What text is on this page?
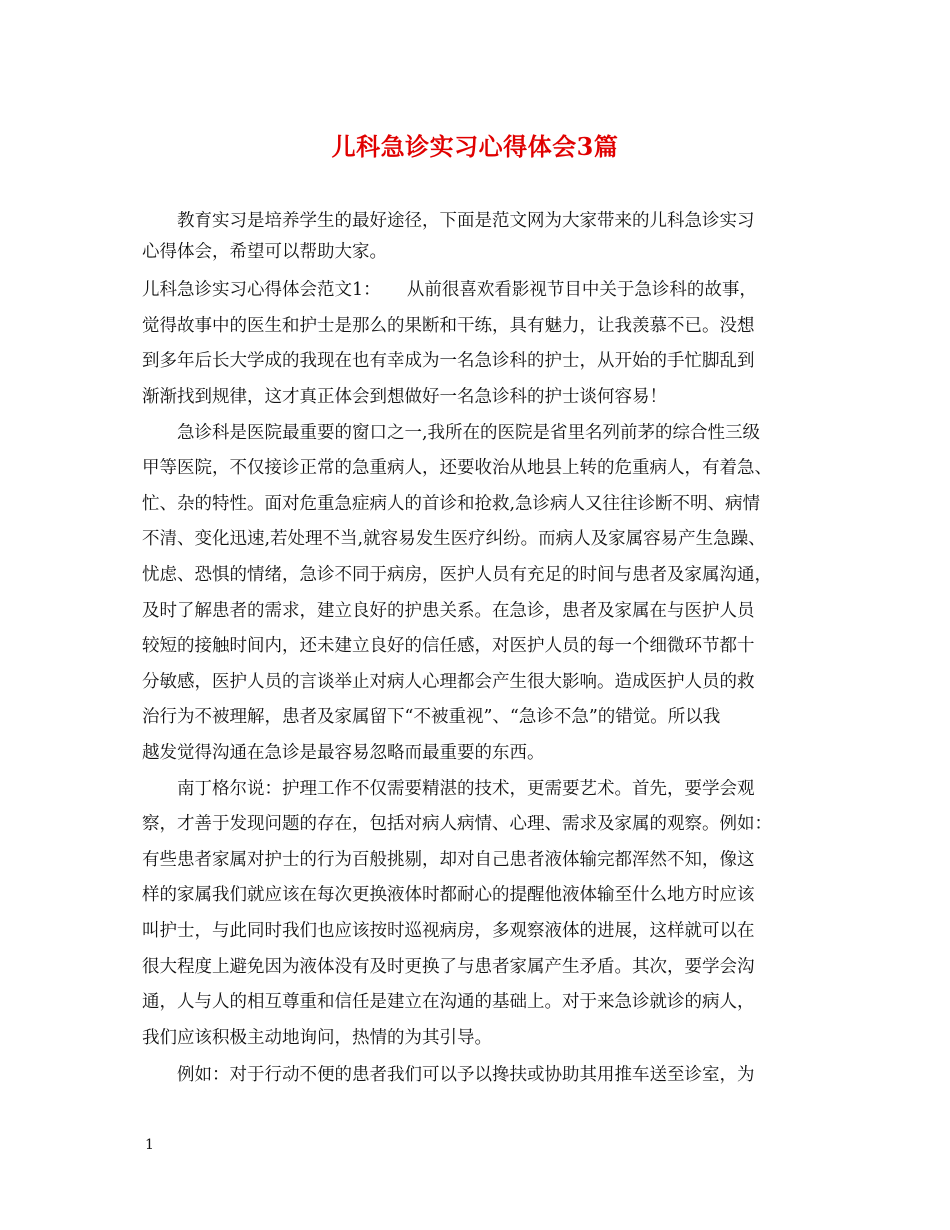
儿科急诊实习心得体会3篇
教育实习是培养学生的最好途径，下面是范文网为大家带来的儿科急诊实习
心得体会，希望可以帮助大家。
儿科急诊实习心得体会范文1：　　从前很喜欢看影视节目中关于急诊科的故事，
觉得故事中的医生和护士是那么的果断和干练，具有魅力，让我羡慕不已。没想
到多年后长大学成的我现在也有幸成为一名急诊科的护士，从开始的手忙脚乱到
渐渐找到规律，这才真正体会到想做好一名急诊科的护士谈何容易！
急诊科是医院最重要的窗口之一,我所在的医院是省里名列前茅的综合性三级
甲等医院，不仅接诊正常的急重病人，还要收治从地县上转的危重病人，有着急、
忙、杂的特性。面对危重急症病人的首诊和抢救,急诊病人又往往诊断不明、病情
不清、变化迅速,若处理不当,就容易发生医疗纠纷。而病人及家属容易产生急躁、
忧虑、恐惧的情绪，急诊不同于病房，医护人员有充足的时间与患者及家属沟通，
及时了解患者的需求，建立良好的护患关系。在急诊，患者及家属在与医护人员
较短的接触时间内，还未建立良好的信任感，对医护人员的每一个细微环节都十
分敏感，医护人员的言谈举止对病人心理都会产生很大影响。造成医护人员的救
治行为不被理解，患者及家属留下“不被重视”、“急诊不急”的错觉。所以我
越发觉得沟通在急诊是最容易忽略而最重要的东西。
南丁格尔说：护理工作不仅需要精湛的技术，更需要艺术。首先，要学会观
察，才善于发现问题的存在，包括对病人病情、心理、需求及家属的观察。例如：
有些患者家属对护士的行为百般挑剔，却对自己患者液体输完都浑然不知，像这
样的家属我们就应该在每次更换液体时都耐心的提醒他液体输至什么地方时应该
叫护士，与此同时我们也应该按时巡视病房，多观察液体的进展，这样就可以在
很大程度上避免因为液体没有及时更换了与患者家属产生矛盾。其次，要学会沟
通，人与人的相互尊重和信任是建立在沟通的基础上。对于来急诊就诊的病人，
我们应该积极主动地询问，热情的为其引导。
例如：对于行动不便的患者我们可以予以搀扶或协助其用推车送至诊室，为
1
